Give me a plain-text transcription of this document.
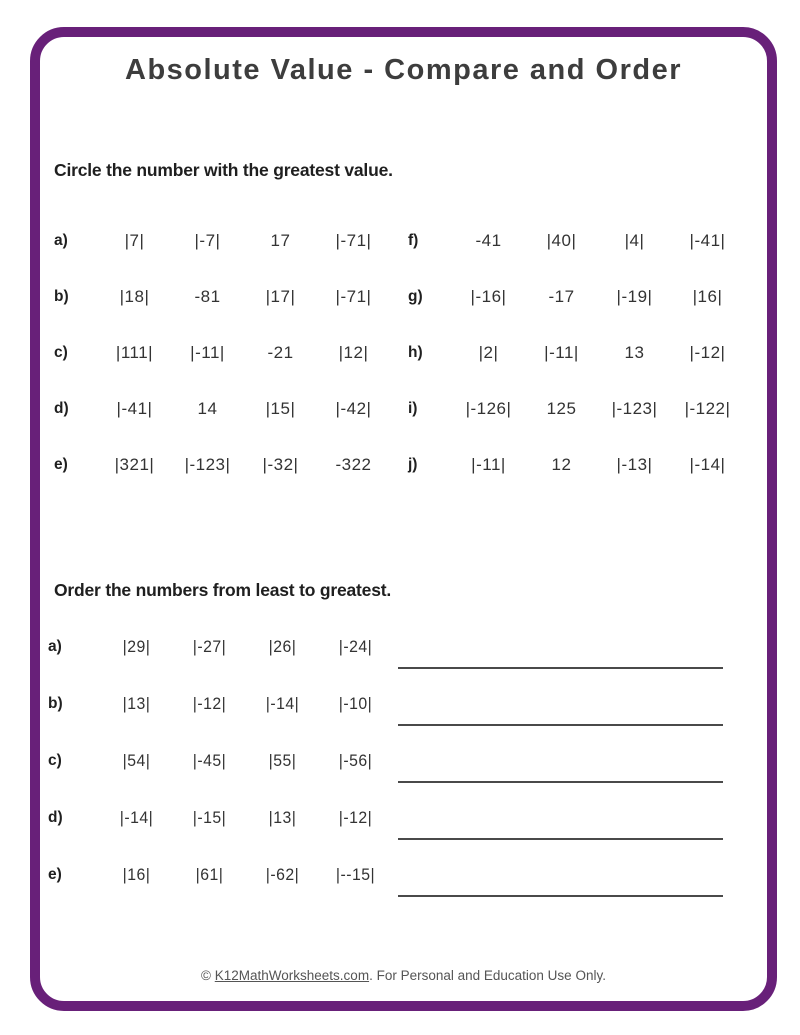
Absolute Value - Compare and Order
Circle the number with the greatest value.
a)	|7|	|-7|	17	|-71|
b)	|18|	-81	|17|	|-71|
c)	|111|	|-11|	-21	|12|
d)	|-41|	14	|15|	|-42|
e)	|321|	|-123|	|-32|	-322
f)	-41	|40|	|4|	|-41|
g)	|-16|	-17	|-19|	|16|
h)	|2|	|-11|	13	|-12|
i)	|-126|	125	|-123|	|-122|
j)	|-11|	12	|-13|	|-14|
Order the numbers from least to greatest.
a)	|29|	|-27|	|26|	|-24|
b)	|13|	|-12|	|-14|	|-10|
c)	|54|	|-45|	|55|	|-56|
d)	|-14|	|-15|	|13|	|-12|
e)	|16|	|61|	|-62|	|--15|
© K12MathWorksheets.com. For Personal and Education Use Only.
